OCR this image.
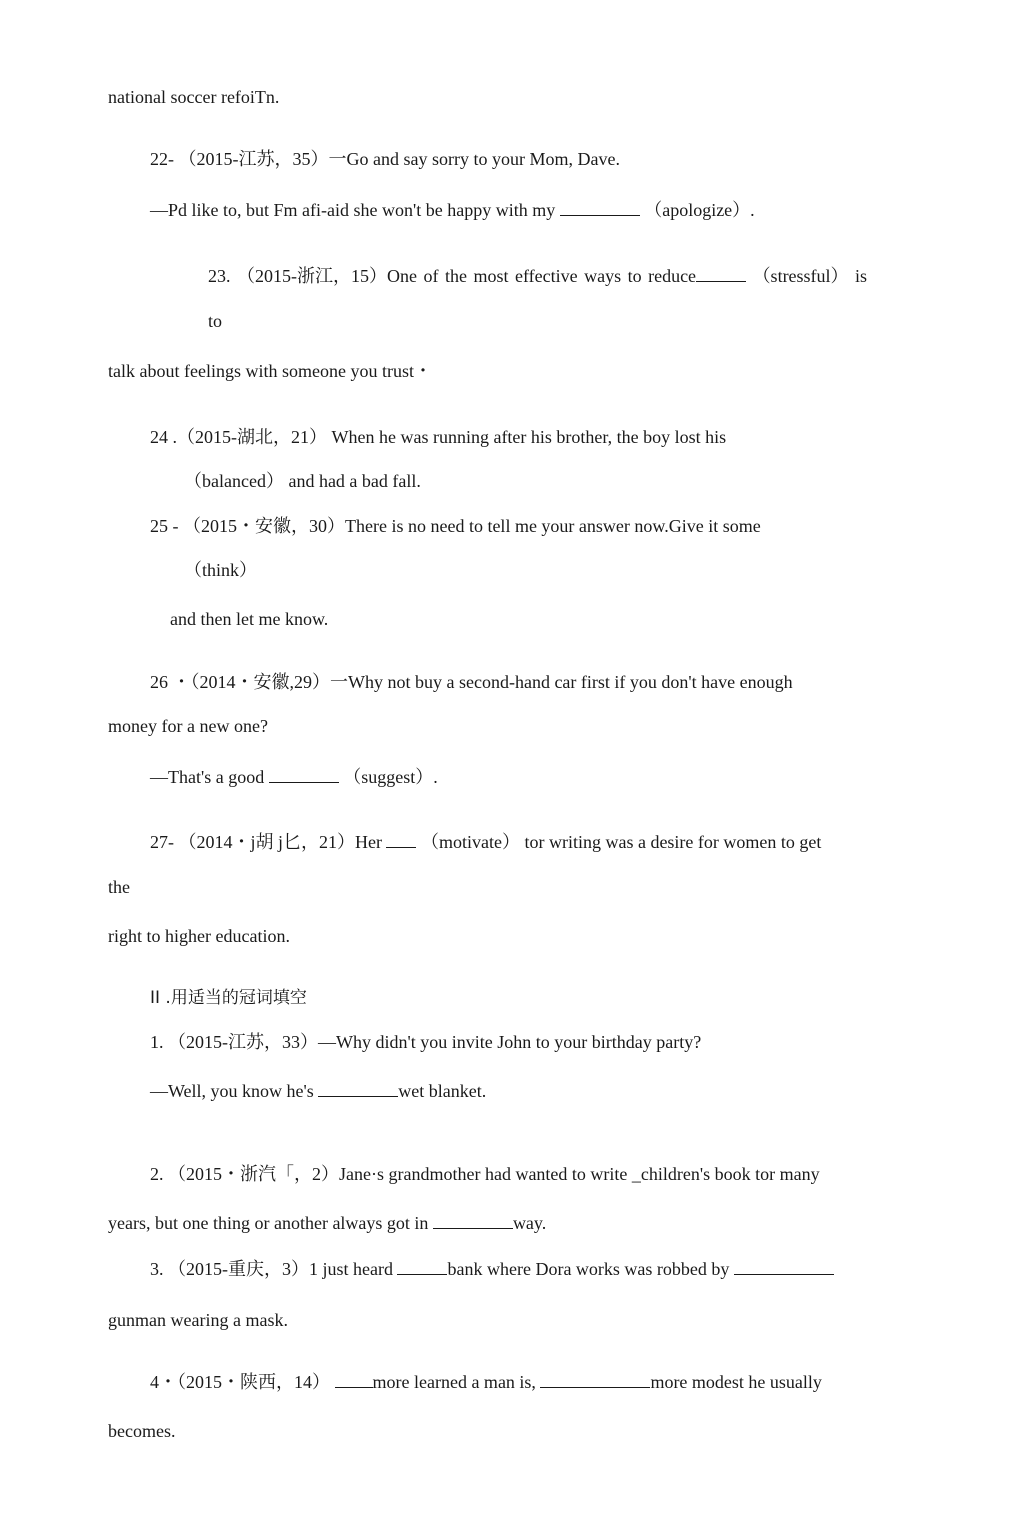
national soccer refoiTn.
22- （2015-江苏，35）一Go and say sorry to your Mom, Dave.
—Pd like to, but Fm afi-aid she won't be happy with my	（apologize）.
23. （2015-浙江，15）One of the most effective ways to reduce	（stressful） is
to
talk about feelings with someone you trust・
24 .（2015-湖北，21） When he was running after his brother, the boy lost his
（balanced） and had a bad fall.
25 - （2015・安徽，30）There is no need to tell me your answer now.Give it some
（think）
and then let me know.
26 ・（2014・安徽,29）一Why not buy a second-hand car first if you don't have enough
money for a new one?
—That's a good	（suggest）.
27- （2014・j胡 j匕，21）Her  （motivate） tor writing was a desire for women to get
the
right to higher education.
II .用适当的冠词填空
1. （2015-江苏，33）—Why didn't you invite John to your birthday party?
—Well, you know he's	wet blanket.
2. （2015・浙汽「，2）Jane·s grandmother had wanted to write _children's book tor many
years, but one thing or another always got in	way.
3. （2015-重庆，3）1 just heard	bank where Dora works was robbed by
gunman wearing a mask.
4・（2015・陕西，14） more learned a man is,	more modest he usually
becomes.
